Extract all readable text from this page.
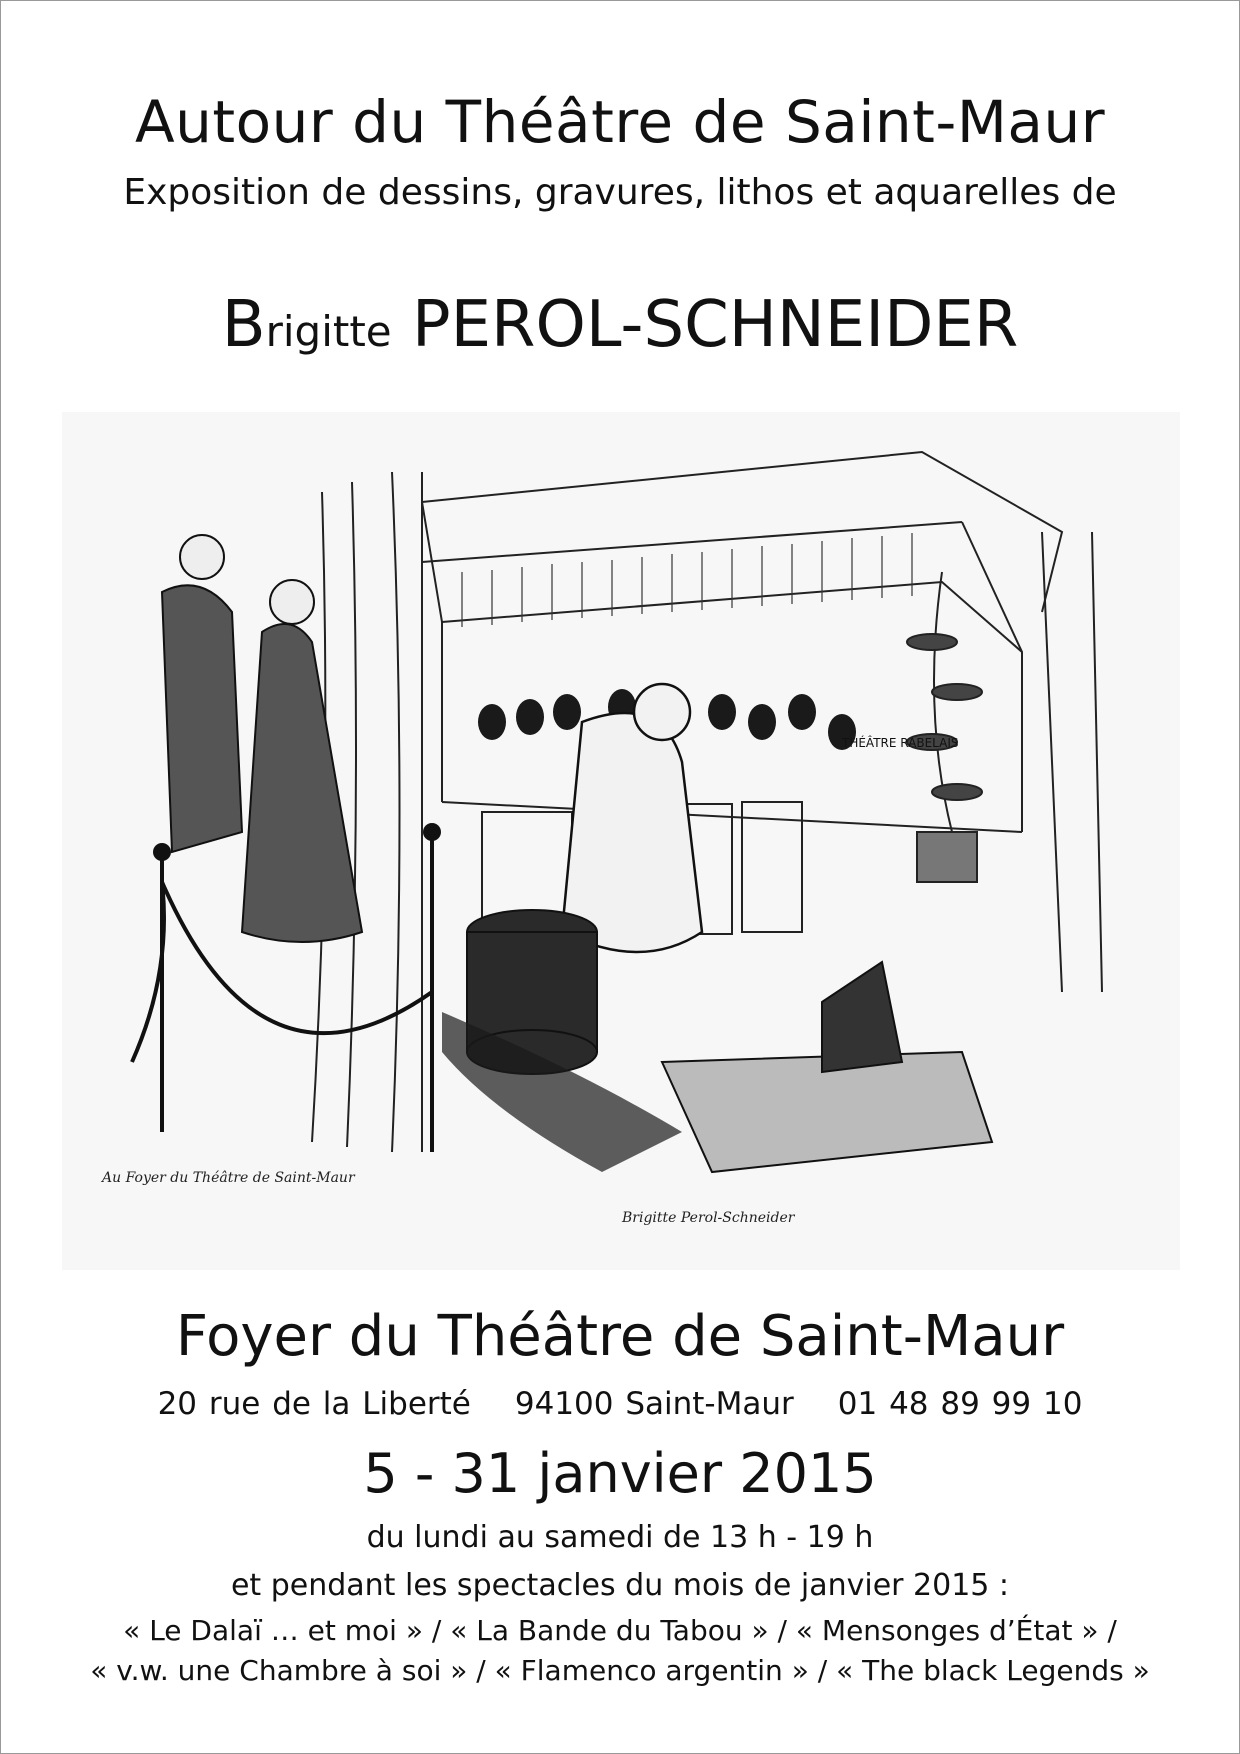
Autour du Théâtre de Saint-Maur
Exposition de dessins, gravures, lithos et aquarelles de
Brigitte PEROL-SCHNEIDER
THÉÂTRE RABELAIS
Au Foyer du Théâtre de Saint-Maur
Brigitte Perol-Schneider
Foyer du Théâtre de Saint-Maur
20 rue de la Liberté 94100 Saint-Maur 01 48 89 99 10
5 - 31 janvier 2015
du lundi au samedi de 13 h - 19 h
et pendant les spectacles du mois de janvier 2015 :
« Le Dalaï … et moi » / « La Bande du Tabou » / « Mensonges d’État » /
« v.w. une Chambre à soi » / « Flamenco argentin » / « The black Legends »
